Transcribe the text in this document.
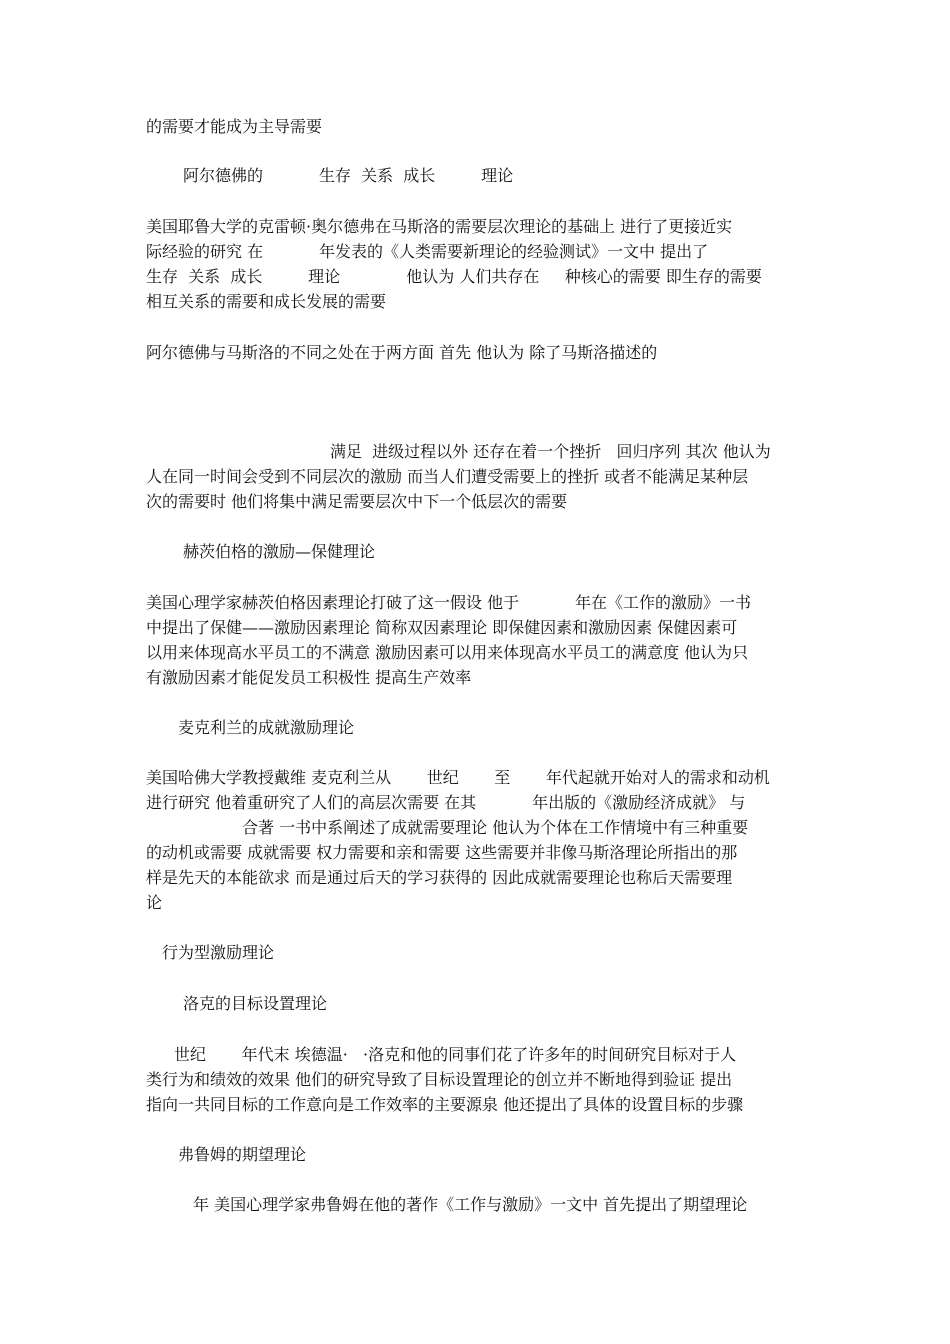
的需要才能成为主导需要
阿尔德佛的           生存  关系  成长         理论
美国耶鲁大学的克雷顿·奥尔德弗在马斯洛的需要层次理论的基础上 进行了更接近实
际经验的研究 在           年发表的《人类需要新理论的经验测试》一文中 提出了
生存  关系  成长         理论             他认为 人们共存在     种核心的需要 即生存的需要
相互关系的需要和成长发展的需要
阿尔德佛与马斯洛的不同之处在于两方面 首先 他认为 除了马斯洛描述的
满足  进级过程以外 还存在着一个挫折   回归序列 其次 他认为
人在同一时间会受到不同层次的激励 而当人们遭受需要上的挫折 或者不能满足某种层
次的需要时 他们将集中满足需要层次中下一个低层次的需要
赫茨伯格的激励—保健理论
美国心理学家赫茨伯格因素理论打破了这一假设 他于           年在《工作的激励》一书
中提出了保健——激励因素理论 简称双因素理论 即保健因素和激励因素 保健因素可
以用来体现高水平员工的不满意 激励因素可以用来体现高水平员工的满意度 他认为只
有激励因素才能促发员工积极性 提高生产效率
麦克利兰的成就激励理论
美国哈佛大学教授戴维 麦克利兰从       世纪       至       年代起就开始对人的需求和动机
进行研究 他着重研究了人们的高层次需要 在其           年出版的《激励经济成就》 与
合著 一书中系阐述了成就需要理论 他认为个体在工作情境中有三种重要
的动机或需要 成就需要 权力需要和亲和需要 这些需要并非像马斯洛理论所指出的那
样是先天的本能欲求 而是通过后天的学习获得的 因此成就需要理论也称后天需要理
论
行为型激励理论
洛克的目标设置理论
世纪       年代末 埃德温·   ·洛克和他的同事们花了许多年的时间研究目标对于人
类行为和绩效的效果 他们的研究导致了目标设置理论的创立并不断地得到验证 提出
指向一共同目标的工作意向是工作效率的主要源泉 他还提出了具体的设置目标的步骤
弗鲁姆的期望理论
年 美国心理学家弗鲁姆在他的著作《工作与激励》一文中 首先提出了期望理论
